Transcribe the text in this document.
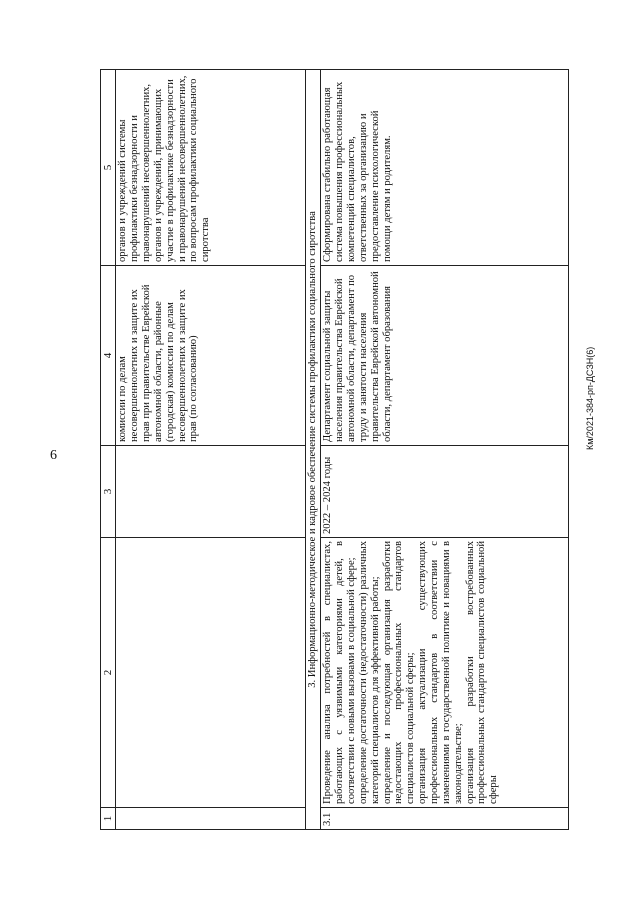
6
Км/2021-384-рп-ДСЗН(6)
1	2	3	4	5
			комиссии по делам несовершеннолетних и защите их прав при правительстве Еврейской автономной области, районные (городская) комиссии по делам несовершеннолетних и защите их прав (по согласованию)	органов и учреждений системы профилактики безнадзорности и правонарушений несовершеннолетних, органов и учреждений, принимающих участие в профилактике безнадзорности и правонарушений несовершеннолетних, по вопросам профилактики социального сиротства
3. Информационно-методическое и кадровое обеспечение системы профилактики социального сиротства				
3.1	Проведение анализа потребностей в специалистах, работающих с уязвимыми категориями детей, в соответствии с новыми вызовами в социальной сфере; определение достаточности (недостаточности) различных категорий специалистов для эффективной работы; определение и последующая организация разработки недостающих профессиональных стандартов специалистов социальной сферы; организация актуализации существующих профессиональных стандартов в соответствии с изменениями в государственной политике и новациями в законодательстве; организация разработки востребованных профессиональных стандартов специалистов социальной сферы	2022 – 2024 годы	Департамент социальной защиты населения правительства Еврейской автономной области, департамент по труду и занятости населения правительства Еврейской автономной области, департамент образования	Сформирована стабильно работающая система повышения профессиональных компетенций специалистов, ответственных за организацию и предоставление психологической помощи детям и родителям.
